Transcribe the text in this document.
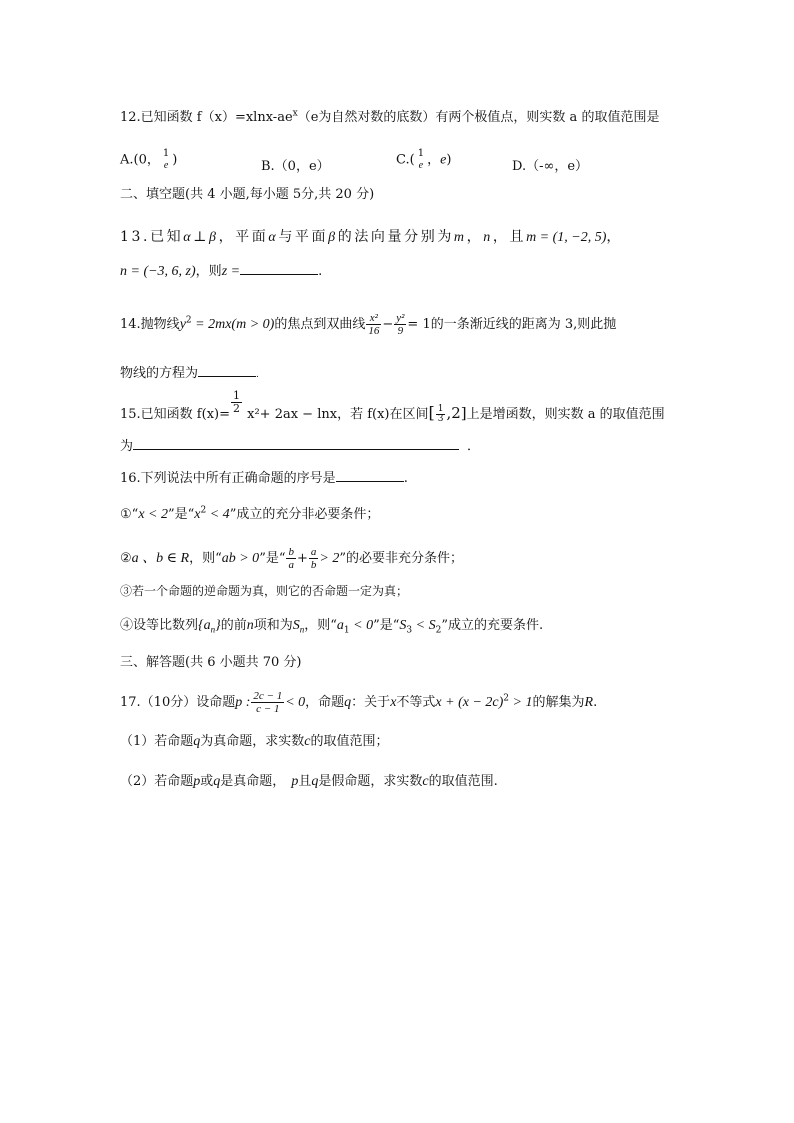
12.已知函数 $f(x)=xlnx-ae^x(e$为自然对数的底数）有两个极值点，则实数 a 的取值范围是
A.(0， 1
e )	B.（0，e）	C.( 1
e ，e)	D.（-∞，e）
二、填空题(共 4 小题,每小题 5分,共 20 分)
13.已知α⊥β，平面α与平面β的法向量分别为m，n，且m = (1, −2, 5)，
n = (−3, 6, z)，则z =	.
14.抛物线$y^2 = 2mx(m > 0)$的焦点到双曲线 $\frac{\text{x²}}{16} - \frac{\text{y²}}{9} = 1$的一条渐近线的距离为 3,则此抛
物线的方程为	.
15.已知函数 $f(x)= \frac{1}{2} x^2+ 2ax - \ln x$，若 f(x)在区间[ $\frac{1}{3} ,2$]上是增函数，则实数 a 的取值范围
为	．
16.下列说法中所有正确命题的序号是	.
①“x < 2”是“$x^2 < 4$”成立的充分非必要条件；
②a 、b ∈ R，则“ab > 0”是“ $\frac{b}{a} + \frac{a}{b} > 2$”的必要非充分条件；
③若一个命题的逆命题为真，则它的否命题一定为真；
④设等比数列$\{a_n\}$的前n项和为$S_n$，则“$a_1 < 0$”是“$S_3 < S_2$”成立的充要条件.
三、解答题(共 6 小题共 70 分)
17.（10分）设命题p : $\frac{2c - 1}{c - 1} < 0$，命题q：关于x不等式$x + (x - 2c)^2 > 1$的解集为R.
（1）若命题q为真命题，求实数c的取值范围；
（2）若命题p或q是真命题， p且q是假命题，求实数c的取值范围.
